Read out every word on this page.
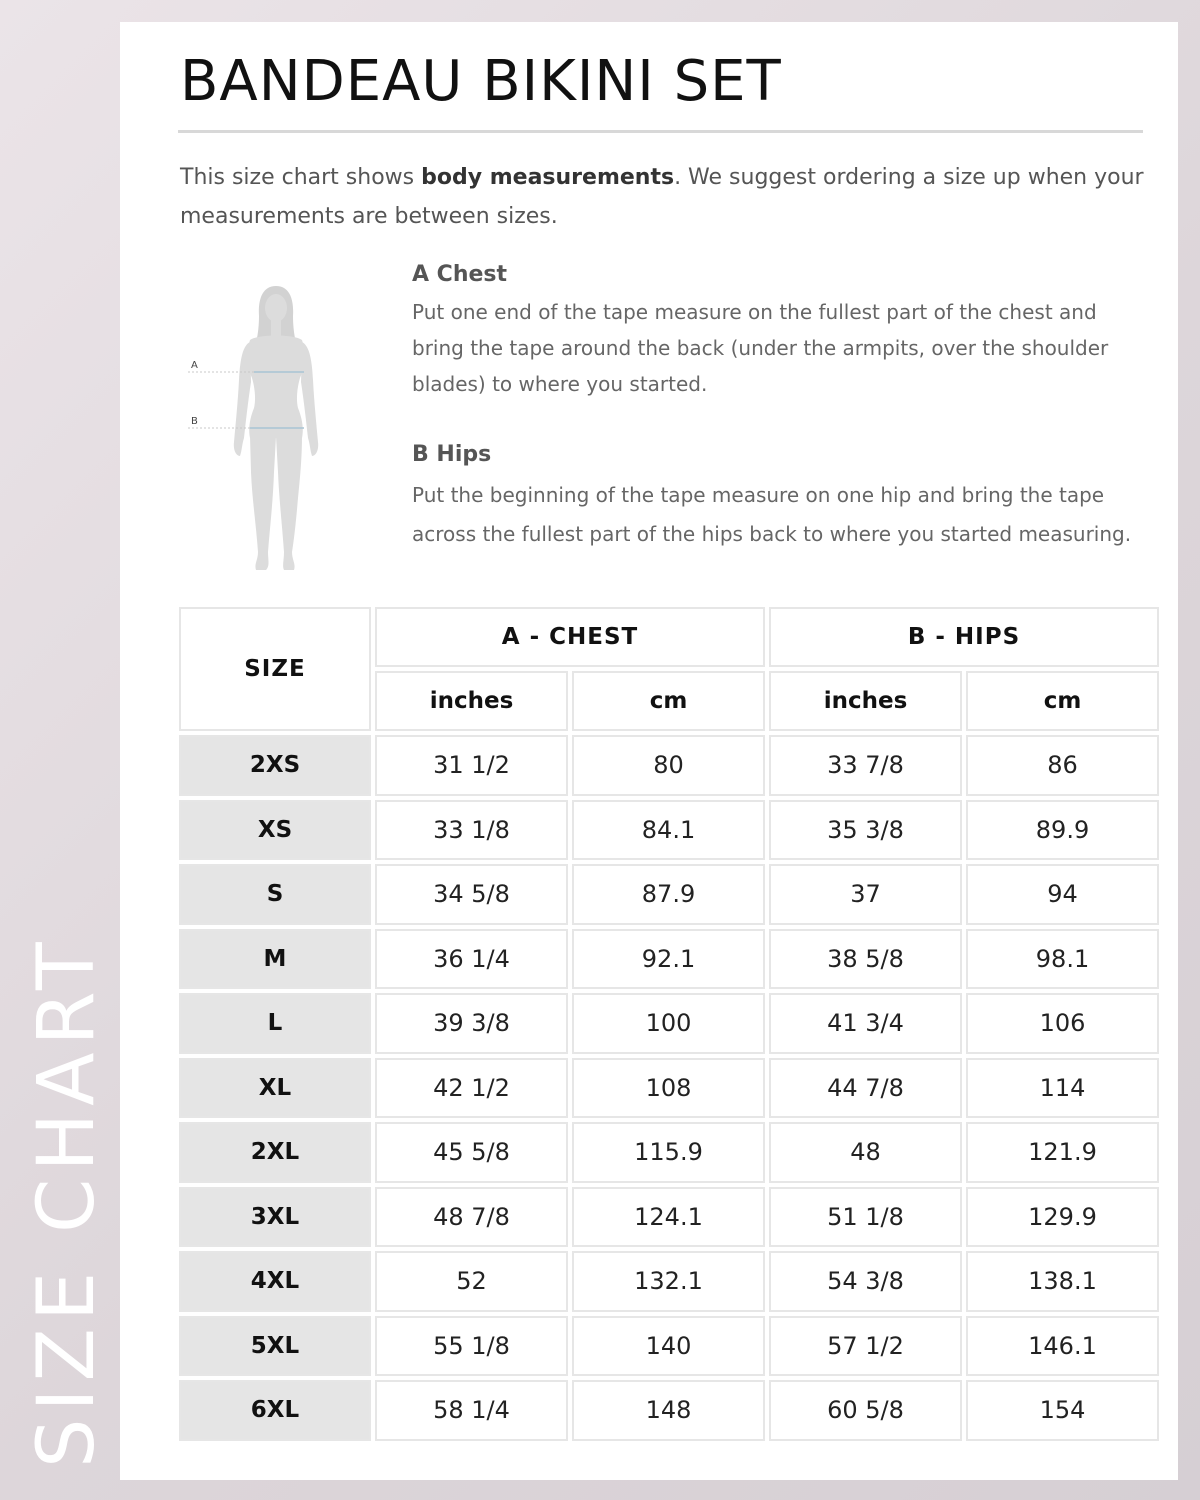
SIZE CHART
BANDEAU BIKINI SET

This size chart shows body measurements. We suggest ordering a size up when your measurements are between sizes.

A
B
A Chest

Put one end of the tape measure on the fullest part of the chest and bring the tape around the back (under the armpits, over the shoulder blades) to where you started.

B Hips

Put the beginning of the tape measure on one hip and bring the tape across the fullest part of the hips back to where you started measuring.

SIZE	A - CHEST		B - HIPS	
	inches	cm	inches	cm
2XS	31 1/2	80	33 7/8	86
XS	33 1/8	84.1	35 3/8	89.9
S	34 5/8	87.9	37	94
M	36 1/4	92.1	38 5/8	98.1
L	39 3/8	100	41 3/4	106
XL	42 1/2	108	44 7/8	114
2XL	45 5/8	115.9	48	121.9
3XL	48 7/8	124.1	51 1/8	129.9
4XL	52	132.1	54 3/8	138.1
5XL	55 1/8	140	57 1/2	146.1
6XL	58 1/4	148	60 5/8	154
